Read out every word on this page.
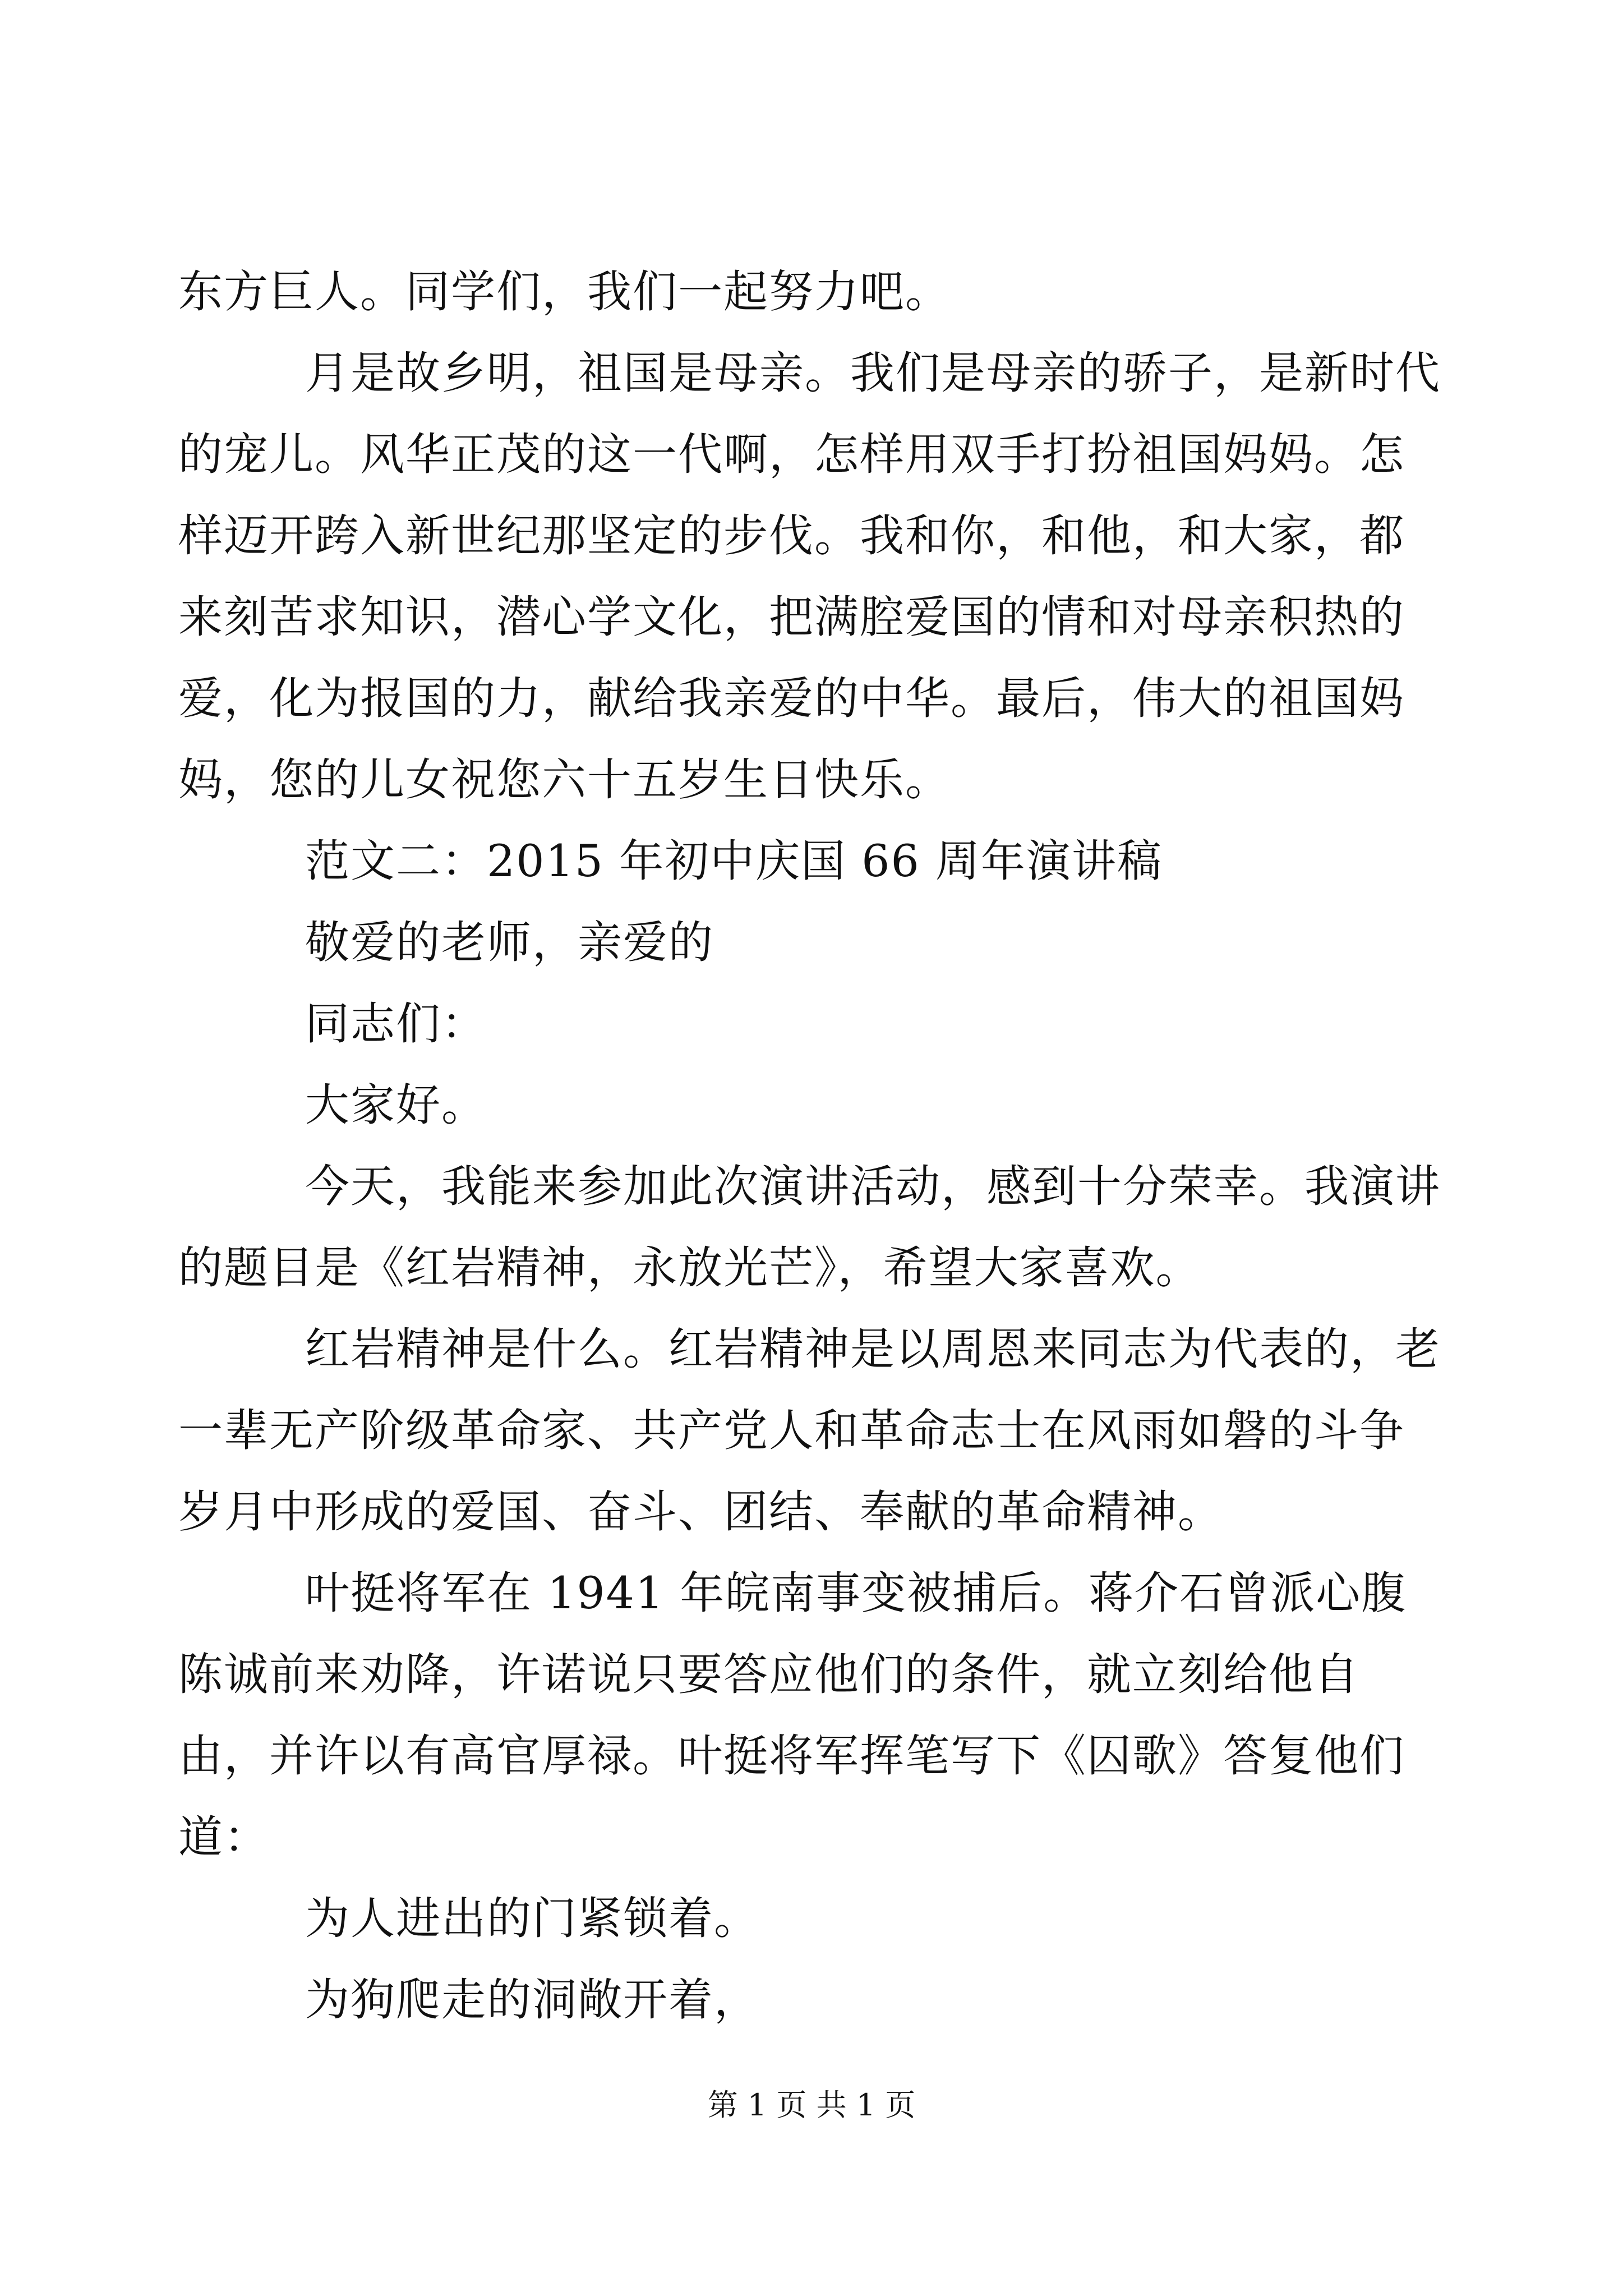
东方巨人。同学们，我们一起努力吧。

月是故乡明，祖国是母亲。我们是母亲的骄子，是新时代的宠儿。风华正茂的这一代啊，怎样用双手打扮祖国妈妈。怎样迈开跨入新世纪那坚定的步伐。我和你，和他，和大家，都来刻苦求知识，潜心学文化，把满腔爱国的情和对母亲积热的爱，化为报国的力，献给我亲爱的中华。最后，伟大的祖国妈妈，您的儿女祝您六十五岁生日快乐。

范文二：2015 年初中庆国 66 周年演讲稿

敬爱的老师，亲爱的

同志们：

大家好。

今天，我能来参加此次演讲活动，感到十分荣幸。我演讲的题目是《红岩精神，永放光芒》，希望大家喜欢。

红岩精神是什么。红岩精神是以周恩来同志为代表的，老一辈无产阶级革命家、共产党人和革命志士在风雨如磐的斗争岁月中形成的爱国、奋斗、团结、奉献的革命精神。

叶挺将军在 1941 年皖南事变被捕后。蒋介石曾派心腹陈诚前来劝降，许诺说只要答应他们的条件，就立刻给他自由，并许以有高官厚禄。叶挺将军挥笔写下《囚歌》答复他们道：

为人进出的门紧锁着。

为狗爬走的洞敞开着，

第 1 页 共 1 页
